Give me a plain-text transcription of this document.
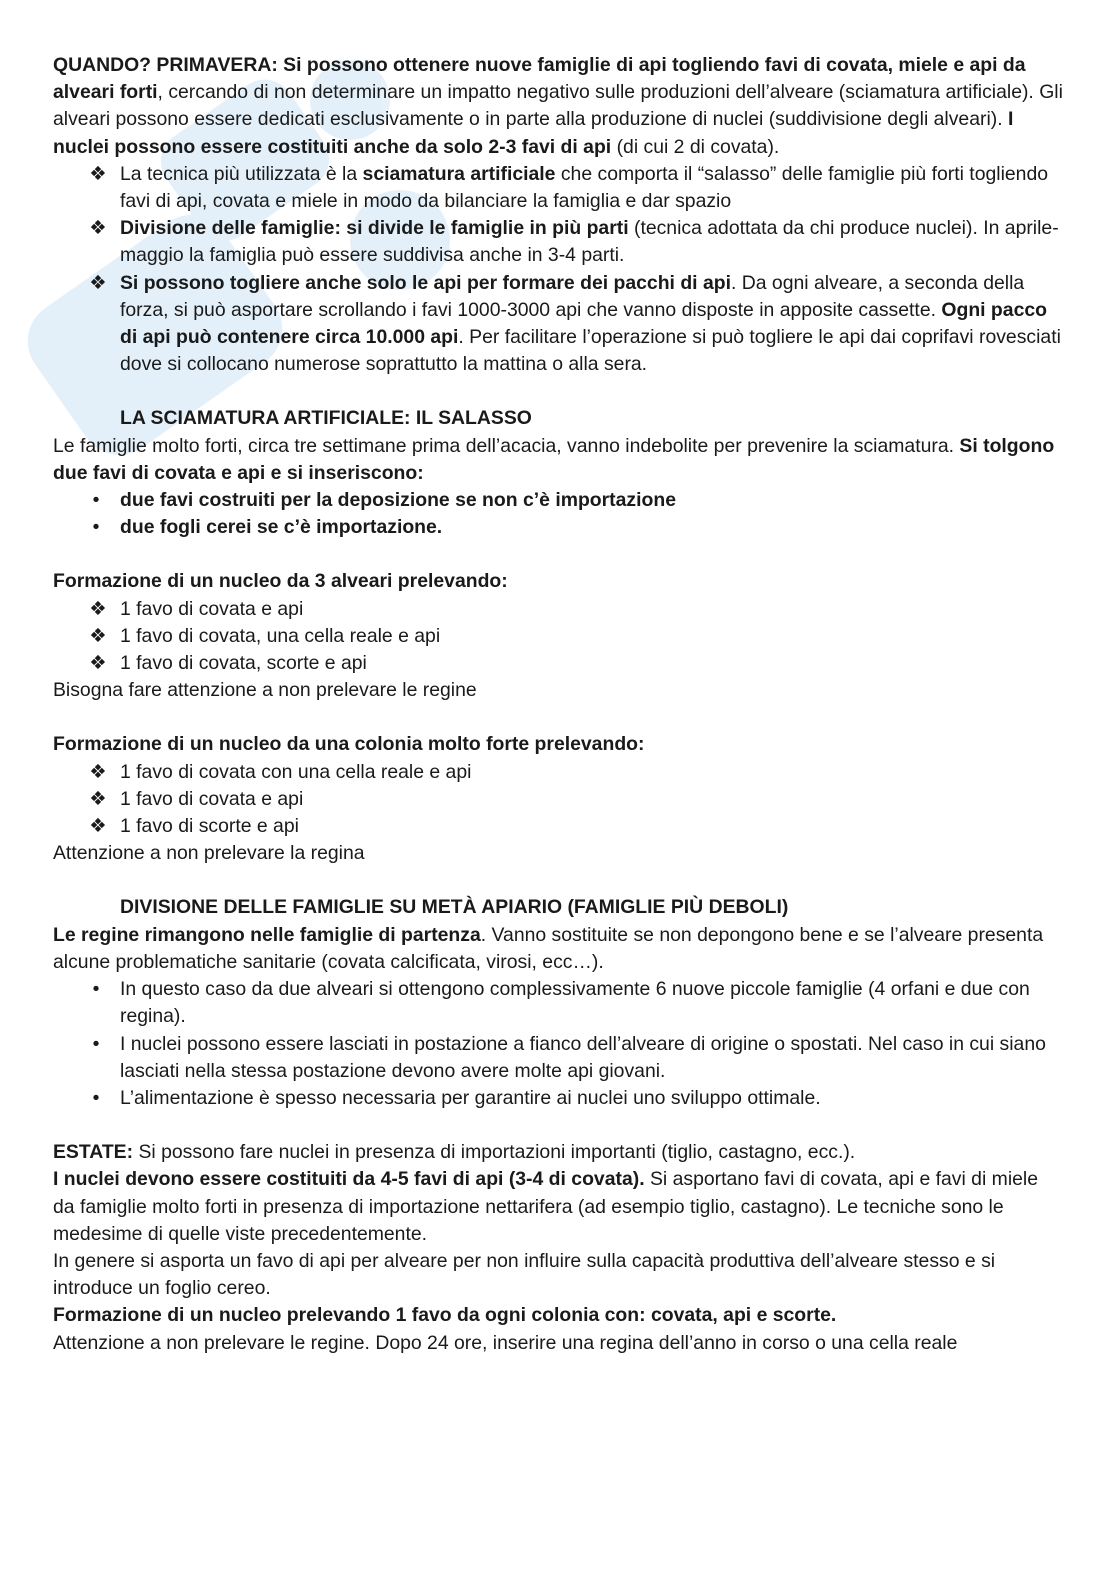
QUANDO? PRIMAVERA: Si possono ottenere nuove famiglie di api togliendo favi di covata, miele e api da alveari forti, cercando di non determinare un impatto negativo sulle produzioni dell’alveare (sciamatura artificiale). Gli alveari possono essere dedicati esclusivamente o in parte alla produzione di nuclei (suddivisione degli alveari). I nuclei possono essere costituiti anche da solo 2-3 favi di api (di cui 2 di covata).

❖ La tecnica più utilizzata è la sciamatura artificiale che comporta il “salasso” delle famiglie più forti togliendo favi di api, covata e miele in modo da bilanciare la famiglia e dar spazio
❖ Divisione delle famiglie: si divide le famiglie in più parti (tecnica adottata da chi produce nuclei). In aprile-maggio la famiglia può essere suddivisa anche in 3-4 parti.
❖ Si possono togliere anche solo le api per formare dei pacchi di api. Da ogni alveare, a seconda della forza, si può asportare scrollando i favi 1000-3000 api che vanno disposte in apposite cassette. Ogni pacco di api può contenere circa 10.000 api. Per facilitare l’operazione si può togliere le api dai coprifavi rovesciati dove si collocano numerose soprattutto la mattina o alla sera.
LA SCIAMATURA ARTIFICIALE: IL SALASSO

Le famiglie molto forti, circa tre settimane prima dell’acacia, vanno indebolite per prevenire la sciamatura. Si tolgono due favi di covata e api e si inseriscono:

•	due favi costruiti per la deposizione se non c’è importazione
•	due fogli cerei se c’è importazione.

Formazione di un nucleo da 3 alveari prelevando:

❖ 1 favo di covata e api
❖ 1 favo di covata, una cella reale e api
❖ 1 favo di covata, scorte e api

Bisogna fare attenzione a non prelevare le regine

Formazione di un nucleo da una colonia molto forte prelevando:

❖ 1 favo di covata con una cella reale e api
❖ 1 favo di covata e api
❖ 1 favo di scorte e api

Attenzione a non prelevare la regina

DIVISIONE DELLE FAMIGLIE SU METÀ APIARIO (FAMIGLIE PIÙ DEBOLI)

Le regine rimangono nelle famiglie di partenza. Vanno sostituite se non depongono bene e se l’alveare presenta alcune problematiche sanitarie (covata calcificata, virosi, ecc…).

•	In questo caso da due alveari si ottengono complessivamente 6 nuove piccole famiglie (4 orfani e due con regina).
•	I nuclei possono essere lasciati in postazione a fianco dell’alveare di origine o spostati. Nel caso in cui siano lasciati nella stessa postazione devono avere molte api giovani.
•	L’alimentazione è spesso necessaria per garantire ai nuclei uno sviluppo ottimale.

ESTATE: Si possono fare nuclei in presenza di importazioni importanti (tiglio, castagno, ecc.).

I nuclei devono essere costituiti da 4-5 favi di api (3-4 di covata). Si asportano favi di covata, api e favi di miele da famiglie molto forti in presenza di importazione nettarifera (ad esempio tiglio, castagno). Le tecniche sono le medesime di quelle viste precedentemente.

In genere si asporta un favo di api per alveare per non influire sulla capacità produttiva dell’alveare stesso e si introduce un foglio cereo.

Formazione di un nucleo prelevando 1 favo da ogni colonia con: covata, api e scorte.

Attenzione a non prelevare le regine. Dopo 24 ore, inserire una regina dell’anno in corso o una cella reale
